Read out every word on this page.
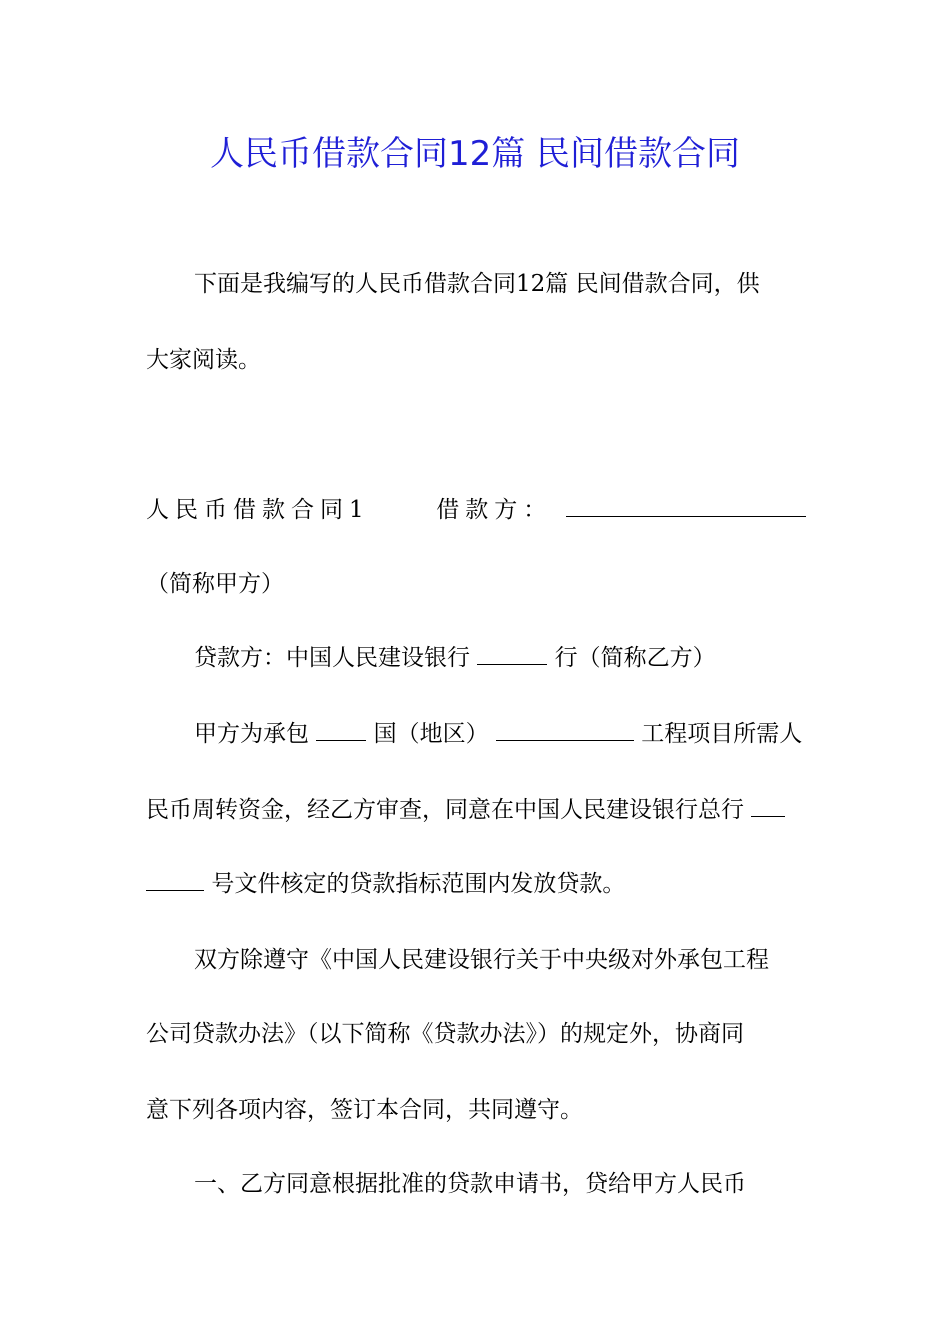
人民币借款合同12篇 民间借款合同
下面是我编写的人民币借款合同12篇 民间借款合同，供
大家阅读。
人民币借款合同1	借款方：
（简称甲方）
贷款方：中国人民建设银行	行（简称乙方）
甲方为承包	国（地区）	工程项目所需人
民币周转资金，经乙方审查，同意在中国人民建设银行总行
号文件核定的贷款指标范围内发放贷款。
双方除遵守《中国人民建设银行关于中央级对外承包工程
公司贷款办法》（以下简称《贷款办法》）的规定外，协商同
意下列各项内容，签订本合同，共同遵守。
一、乙方同意根据批准的贷款申请书，贷给甲方人民币
